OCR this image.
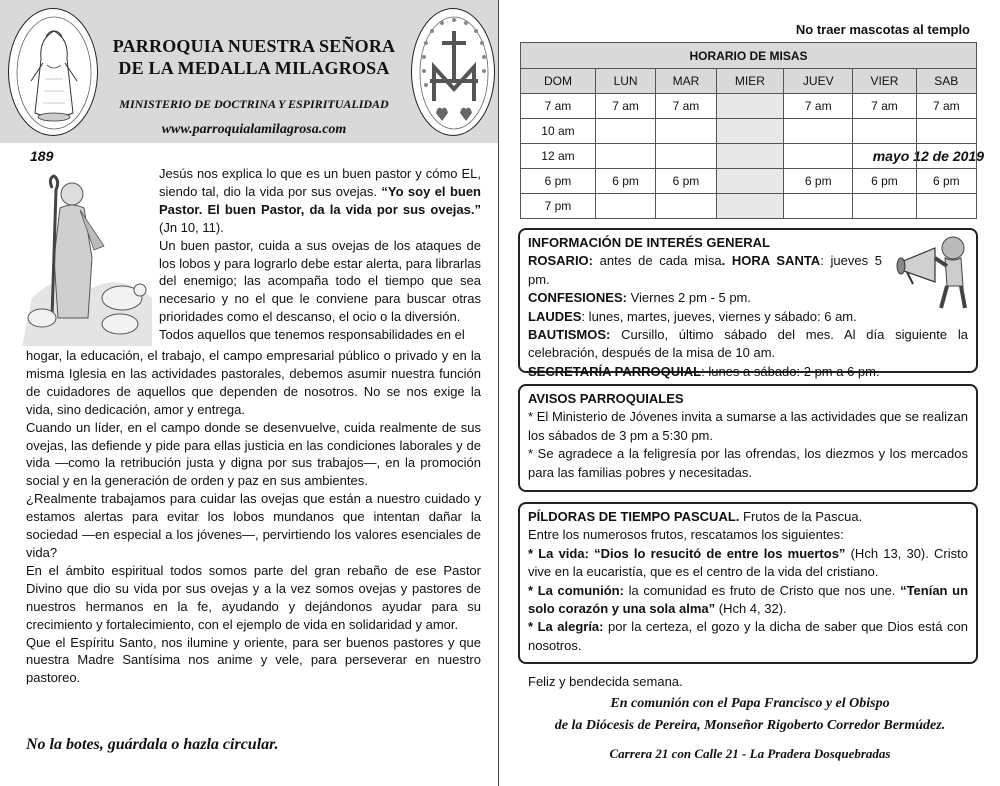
PARROQUIA NUESTRA SEÑORA
DE LA MEDALLA MILAGROSA
MINISTERIO DE DOCTRINA Y ESPIRITUALIDAD
www.parroquialamilagrosa.com
189	mayo 12 de 2019

Jesús nos explica lo que es un buen pastor y cómo EL, siendo tal, dio la vida por sus ovejas. “Yo soy el buen Pastor. El buen Pastor, da la vida por sus ovejas.” (Jn 10, 11).

Un buen pastor, cuida a sus ovejas de los ataques de los lobos y para lograrlo debe estar alerta, para librarlas del enemigo; las acompaña todo el tiempo que sea necesario y no el que le conviene para buscar otras prioridades como el descanso, el ocio o la diversión.

Todos aquellos que tenemos responsabilidades en el

hogar, la educación, el trabajo, el campo empresarial público o privado y en la misma Iglesia en las actividades pastorales, debemos asumir nuestra función de cuidadores de aquellos que dependen de nosotros. No se nos exige la vida, sino dedicación, amor y entrega.

Cuando un líder, en el campo donde se desenvuelve, cuida realmente de sus ovejas, las defiende y pide para ellas justicia en las condiciones laborales y de vida —como la retribución justa y digna por sus trabajos—, en la promoción social y en la generación de orden y paz en sus ambientes.

¿Realmente trabajamos para cuidar las ovejas que están a nuestro cuidado y estamos alertas para evitar los lobos mundanos que intentan dañar la sociedad —en especial a los jóvenes—, pervirtiendo los valores esenciales de vida?

En el ámbito espiritual todos somos parte del gran rebaño de ese Pastor Divino que dio su vida por sus ovejas y a la vez somos ovejas y pastores de nuestros hermanos en la fe, ayudando y dejándonos ayudar para su crecimiento y fortalecimiento, con el ejemplo de vida en solidaridad y amor.

Que el Espíritu Santo, nos ilumine y oriente, para ser buenos pastores y que nuestra Madre Santísima nos anime y vele, para perseverar en nuestro pastoreo.

No la botes, guárdala o hazla circular.
No traer mascotas al templo
HORARIO DE MISAS						
DOM	LUN	MAR	MIER	JUEV	VIER	SAB
7 am	7 am	7 am		7 am	7 am	7 am
10 am						
12 am						
6 pm	6 pm	6 pm		6 pm	6 pm	6 pm
7 pm						

INFORMACIÓN DE INTERÉS GENERAL

ROSARIO: antes de cada misa. HORA SANTA: jueves 5 pm.

CONFESIONES: Viernes 2 pm - 5 pm.

LAUDES: lunes, martes, jueves, viernes y sábado: 6 am.

BAUTISMOS: Cursillo, último sábado del mes. Al día siguiente la celebración, después de la misa de 10 am.

SECRETARÍA PARROQUIAL: lunes a sábado: 2 pm a 6 pm.

AVISOS PARROQUIALES

* El Ministerio de Jóvenes invita a sumarse a las actividades que se realizan los sábados de 3 pm a 5:30 pm.

* Se agradece a la feligresía por las ofrendas, los diezmos y los mercados para las familias pobres y necesitadas.

PÍLDORAS DE TIEMPO PASCUAL. Frutos de la Pascua.

Entre los numerosos frutos, rescatamos los siguientes:

* La vida: “Dios lo resucitó de entre los muertos” (Hch 13, 30). Cristo vive en la eucaristía, que es el centro de la vida del cristiano.

* La comunión: la comunidad es fruto de Cristo que nos une. “Tenían un solo corazón y una sola alma” (Hch 4, 32).

* La alegría: por la certeza, el gozo y la dicha de saber que Dios está con nosotros.

Feliz y bendecida semana.
En comunión con el Papa Francisco y el Obispo
de la Diócesis de Pereira, Monseñor Rigoberto Corredor Bermúdez.
Carrera 21 con Calle 21 - La Pradera Dosquebradas
